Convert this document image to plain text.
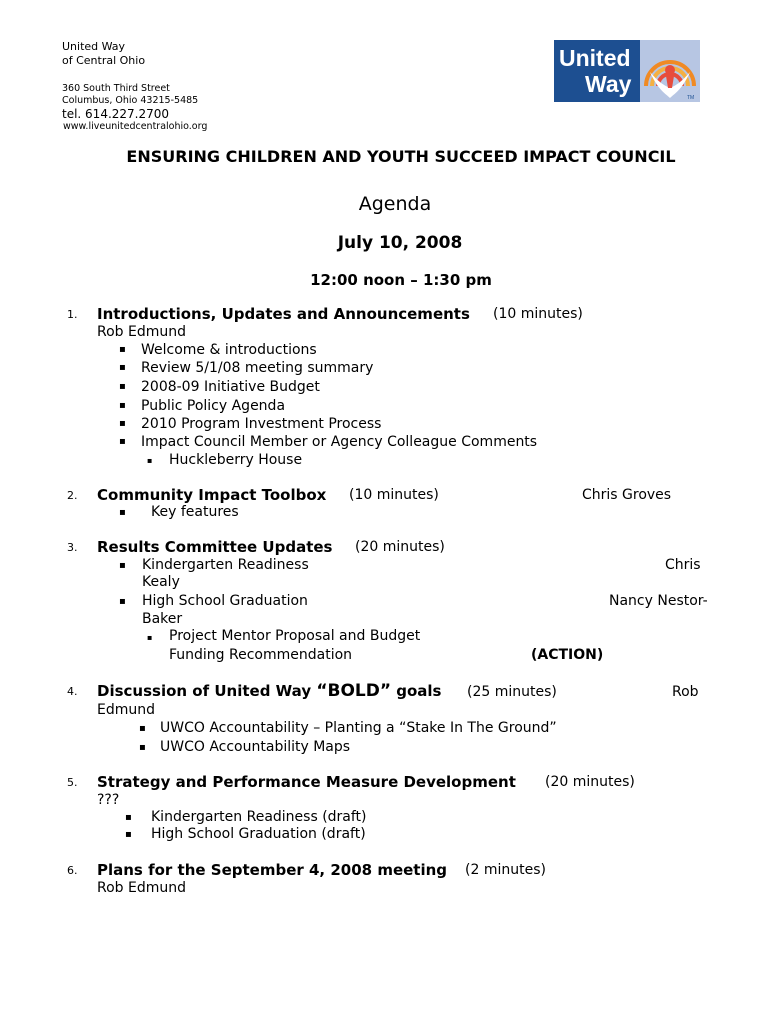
United Way
of Central Ohio
360 South Third Street
Columbus, Ohio 43215-5485
tel. 614.227.2700
www.liveunitedcentralohio.org
United
Way
TM
ENSURING CHILDREN AND YOUTH SUCCEED IMPACT COUNCIL
Agenda
July 10, 2008
12:00 noon – 1:30 pm
1. Introductions, Updates and Announcements (10 minutes)
Rob Edmund
▪ Welcome & introductions
▪ Review 5/1/08 meeting summary
▪ 2008-09 Initiative Budget
▪ Public Policy Agenda
▪ 2010 Program Investment Process
▪ Impact Council Member or Agency Colleague Comments
▪ Huckleberry House
2. Community Impact Toolbox (10 minutes)	Chris Groves
▪ Key features
3. Results Committee Updates (20 minutes)
▪ Kindergarten Readiness	Chris
Kealy
▪ High School Graduation	Nancy Nestor-
Baker
▪ Project Mentor Proposal and Budget
Funding Recommendation	(ACTION)
4. Discussion of United Way “BOLD” goals (25 minutes)	Rob
Edmund
▪ UWCO Accountability – Planting a “Stake In The Ground”
▪ UWCO Accountability Maps
5. Strategy and Performance Measure Development (20 minutes)
???
▪ Kindergarten Readiness (draft)
▪ High School Graduation (draft)
6. Plans for the September 4, 2008 meeting (2 minutes)
Rob Edmund
